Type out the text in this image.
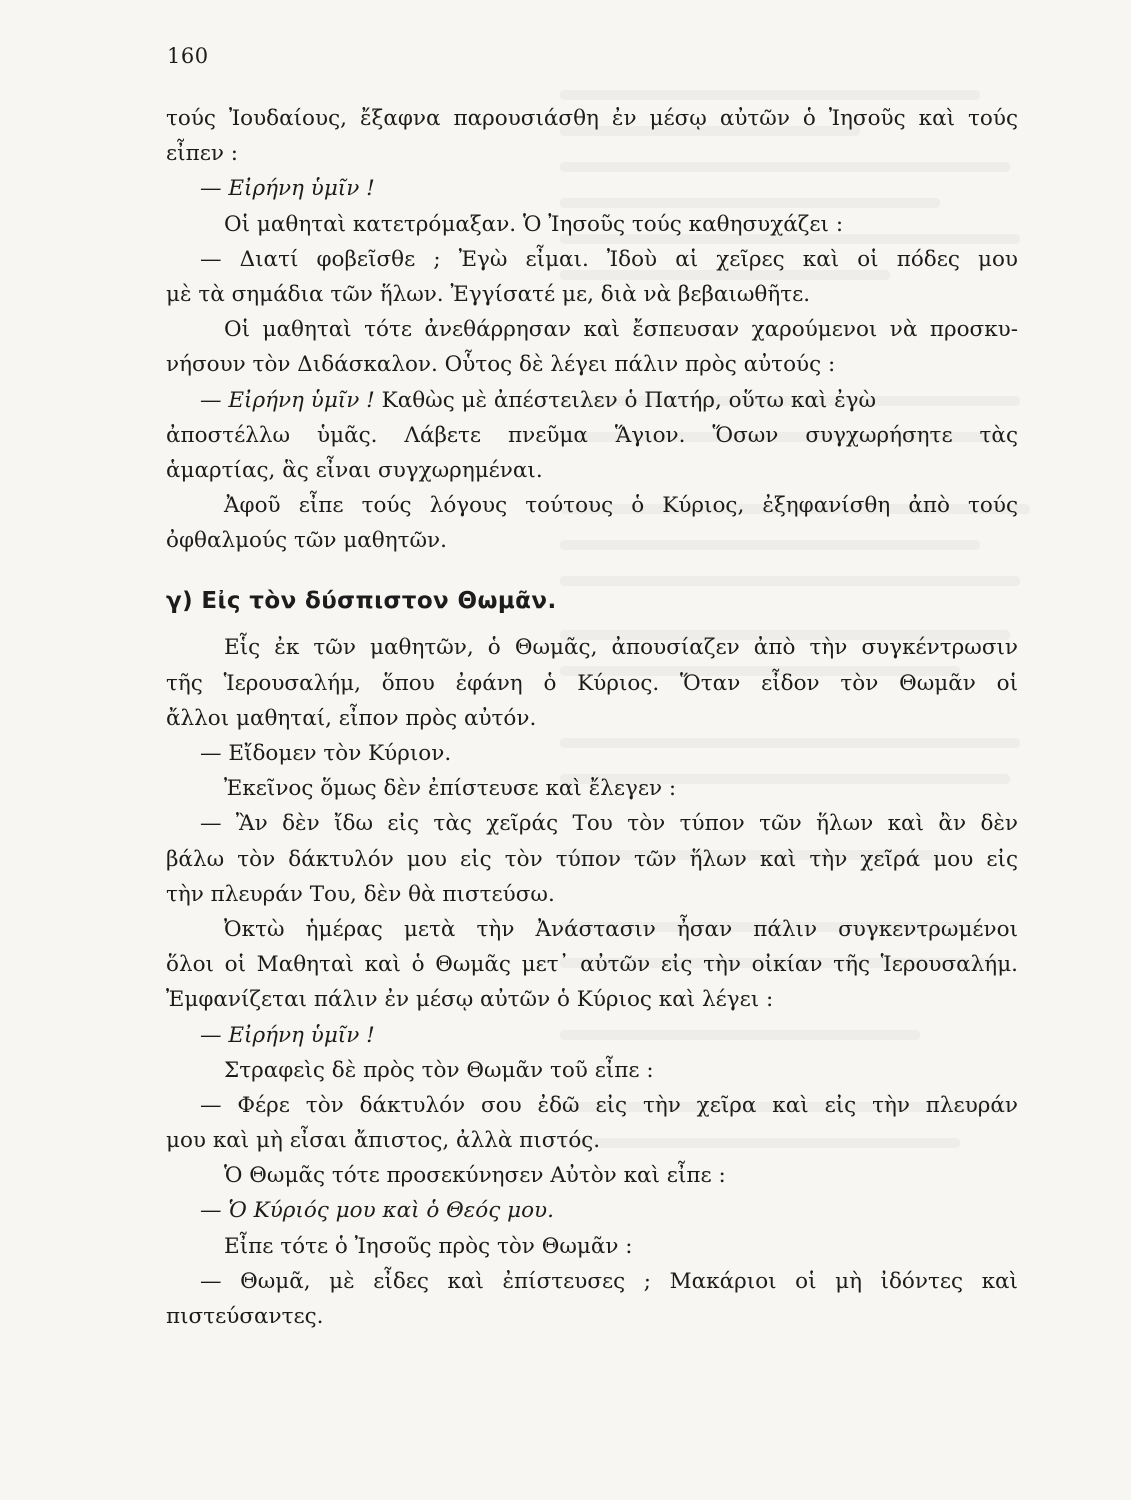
160
τούς Ἰουδαίους, ἔξαφνα παρουσιάσθη ἐν μέσῳ αὐτῶν ὁ Ἰησοῦς καὶ τούς
εἶπεν :
— Εἰρήνη ὑμῖν !
Οἱ μαθηταὶ κατετρόμαξαν. Ὁ Ἰησοῦς τούς καθησυχάζει :
— Διατί φοβεῖσθε ; Ἐγὼ εἶμαι. Ἰδοὺ αἱ χεῖρες καὶ οἱ πόδες μου
μὲ τὰ σημάδια τῶν ἥλων. Ἐγγίσατέ με, διὰ νὰ βεβαιωθῆτε.
Οἱ μαθηταὶ τότε ἀνεθάρρησαν καὶ ἔσπευσαν χαρούμενοι νὰ προσκυ-
νήσουν τὸν Διδάσκαλον. Οὗτος δὲ λέγει πάλιν πρὸς αὐτούς :
— Εἰρήνη ὑμῖν ! Καθὼς μὲ ἀπέστειλεν ὁ Πατήρ, οὕτω καὶ ἐγὼ
ἀποστέλλω ὑμᾶς. Λάβετε πνεῦμα Ἅγιον. Ὅσων συγχωρήσητε τὰς
ἁμαρτίας, ἃς εἶναι συγχωρημέναι.
Ἀφοῦ εἶπε τούς λόγους τούτους ὁ Κύριος, ἐξηφανίσθη ἀπὸ τούς
ὀφθαλμούς τῶν μαθητῶν.
γ) Εἰς τὸν δύσπιστον Θωμᾶν.
Εἷς ἐκ τῶν μαθητῶν, ὁ Θωμᾶς, ἀπουσίαζεν ἀπὸ τὴν συγκέντρωσιν
τῆς Ἱερουσαλήμ, ὅπου ἐφάνη ὁ Κύριος. Ὅταν εἶδον τὸν Θωμᾶν οἱ
ἄλλοι μαθηταί, εἶπον πρὸς αὐτόν.
— Εἴδομεν τὸν Κύριον.
Ἐκεῖνος ὅμως δὲν ἐπίστευσε καὶ ἔλεγεν :
— Ἂν δὲν ἴδω εἰς τὰς χεῖράς Του τὸν τύπον τῶν ἥλων καὶ ἂν δὲν
βάλω τὸν δάκτυλόν μου εἰς τὸν τύπον τῶν ἥλων καὶ τὴν χεῖρά μου εἰς
τὴν πλευράν Του, δὲν θὰ πιστεύσω.
Ὀκτὼ ἡμέρας μετὰ τὴν Ἀνάστασιν ἦσαν πάλιν συγκεντρωμένοι
ὅλοι οἱ Μαθηταὶ καὶ ὁ Θωμᾶς μετ᾽ αὐτῶν εἰς τὴν οἰκίαν τῆς Ἱερουσαλήμ.
Ἐμφανίζεται πάλιν ἐν μέσῳ αὐτῶν ὁ Κύριος καὶ λέγει :
— Εἰρήνη ὑμῖν !
Στραφεὶς δὲ πρὸς τὸν Θωμᾶν τοῦ εἶπε :
— Φέρε τὸν δάκτυλόν σου ἐδῶ εἰς τὴν χεῖρα καὶ εἰς τὴν πλευράν
μου καὶ μὴ εἶσαι ἄπιστος, ἀλλὰ πιστός.
Ὁ Θωμᾶς τότε προσεκύνησεν Αὐτὸν καὶ εἶπε :
— Ὁ Κύριός μου καὶ ὁ Θεός μου.
Εἶπε τότε ὁ Ἰησοῦς πρὸς τὸν Θωμᾶν :
— Θωμᾶ, μὲ εἶδες καὶ ἐπίστευσες ; Μακάριοι οἱ μὴ ἰδόντες καὶ
πιστεύσαντες.
